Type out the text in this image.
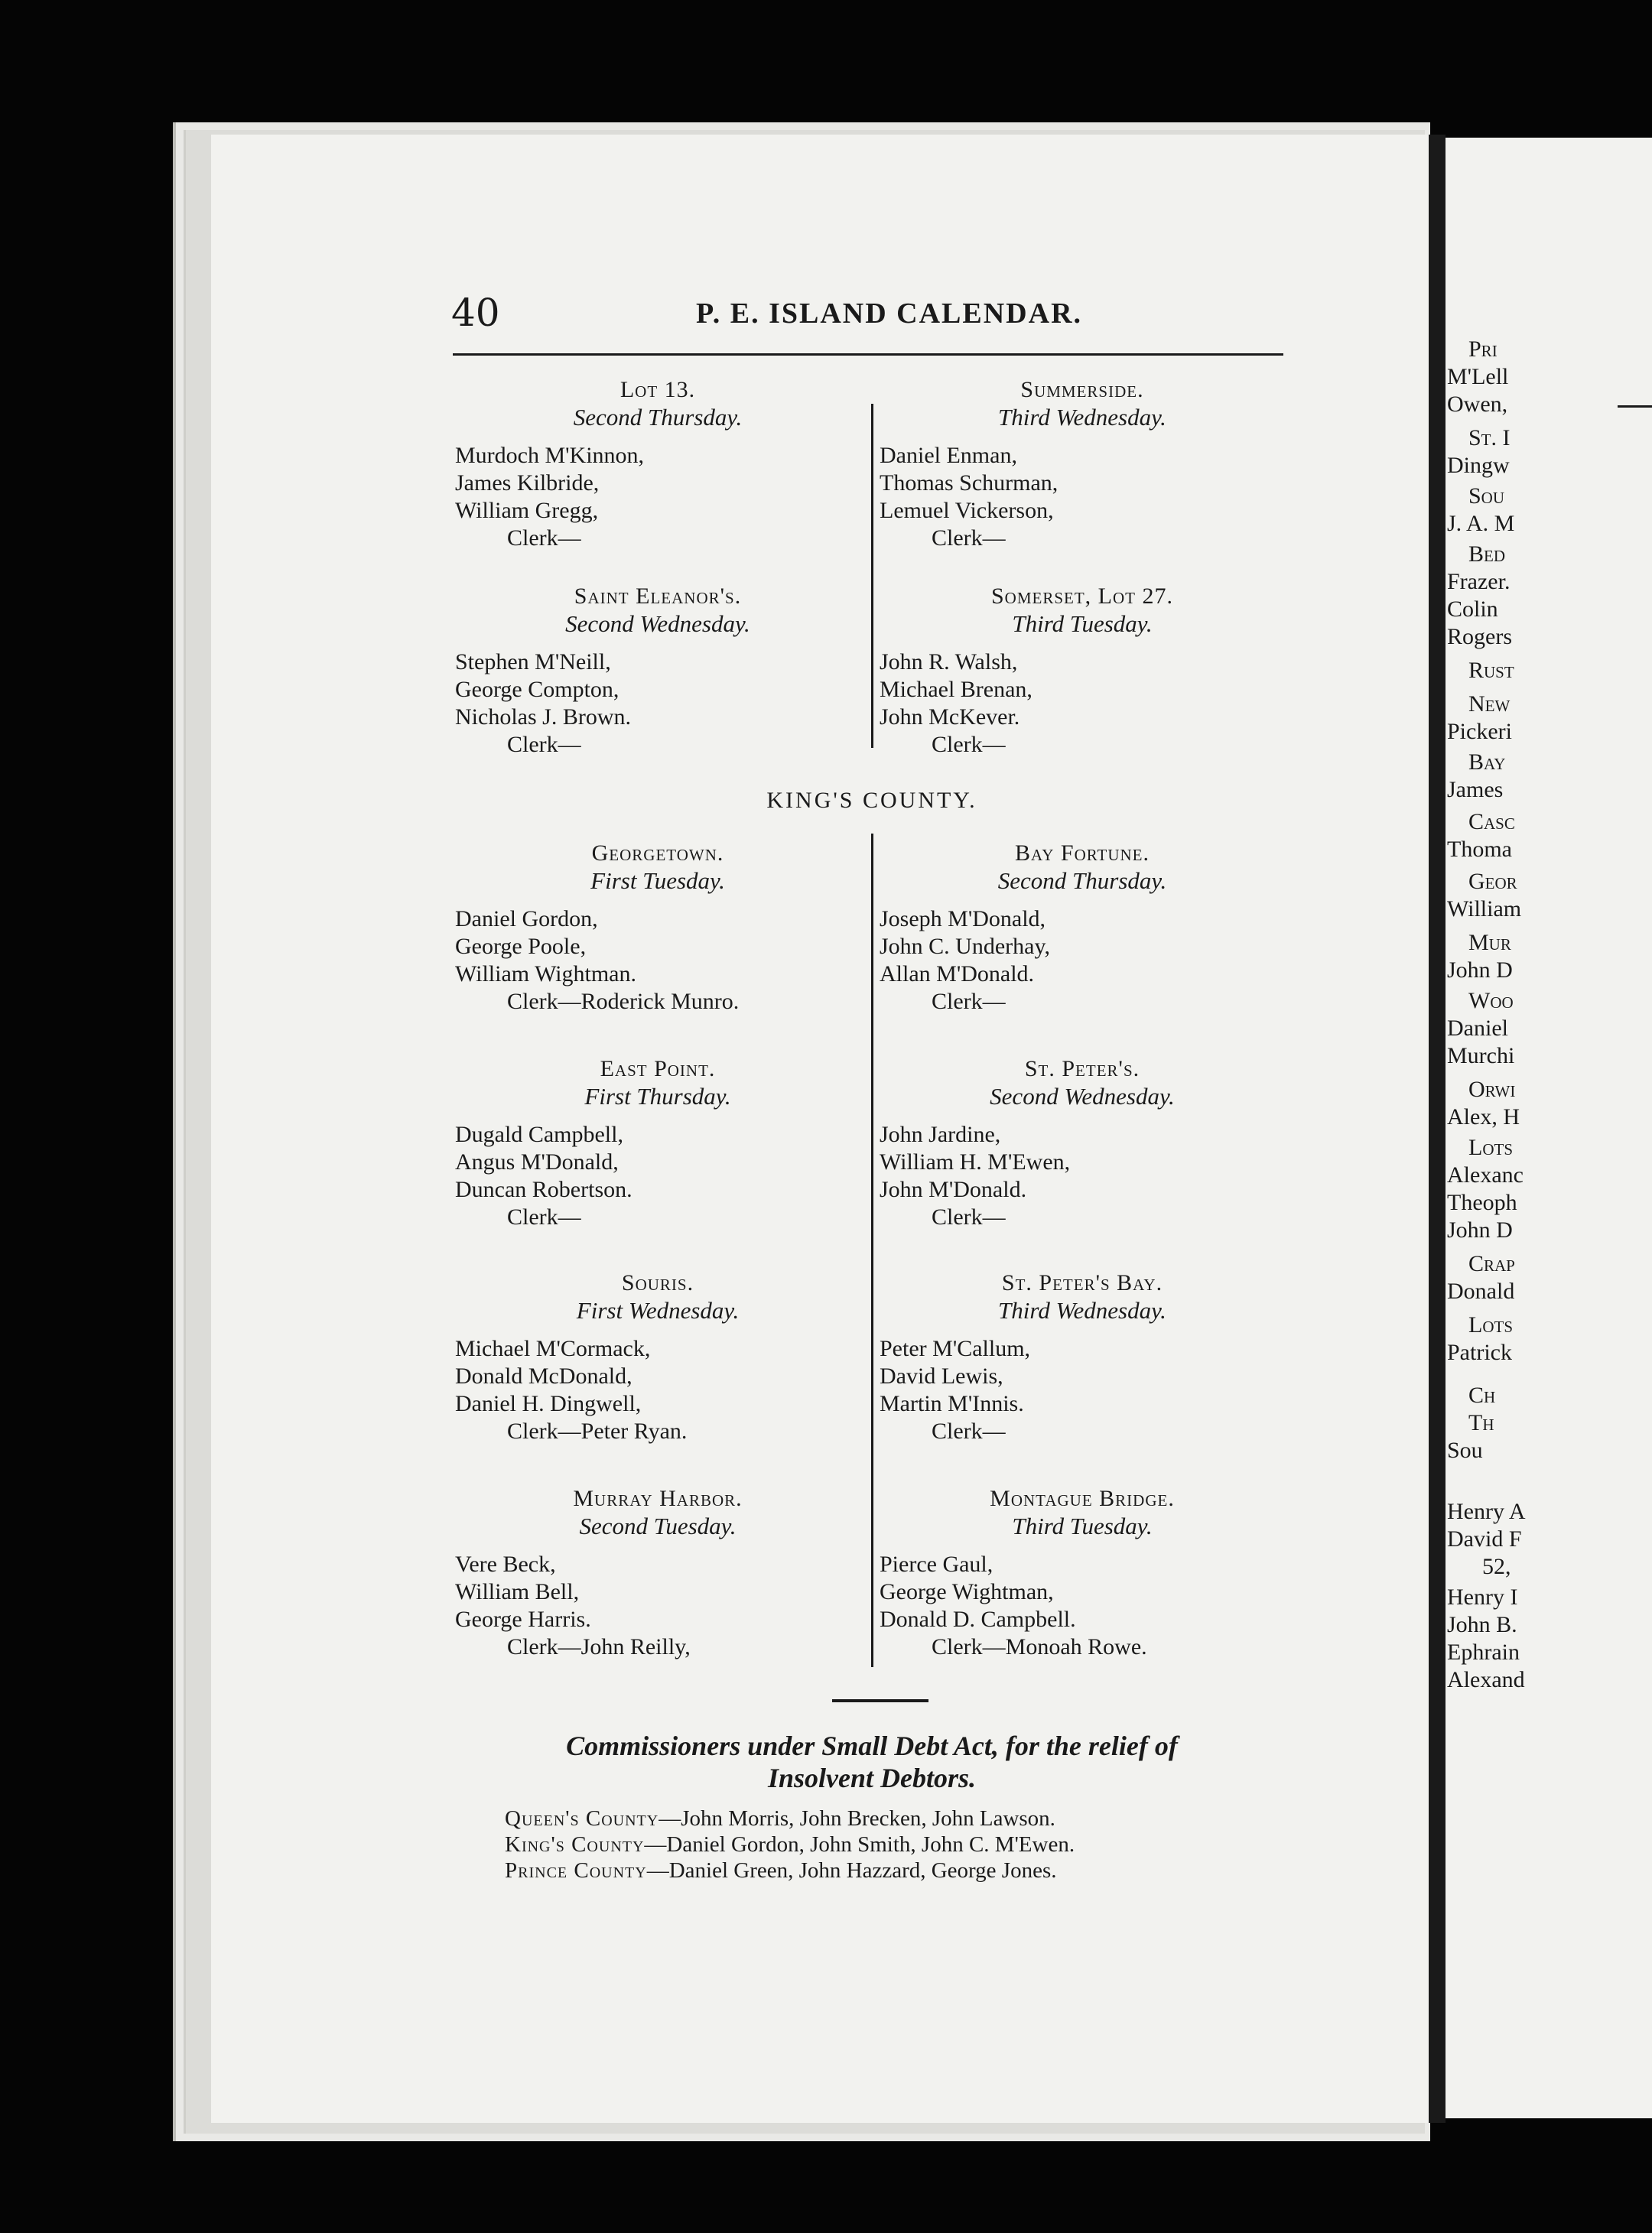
Pri
M'Lell
Owen,
St. I
Dingw
Sou
J. A. M
Bed
Frazer.
Colin
Rogers
Rust
New
Pickeri
Bay
James
Casc
Thoma
Geor
William
Mur
John D
Woo
Daniel
Murchi
Orwi
Alex, H
Lots
Alexanc
Theoph
John D
Crap
Donald
Lots
Patrick
Ch
Th
Sou
Henry A
David F
52,
Henry I
John B.
Ephrain
Alexand
40	P. E. ISLAND CALENDAR.
Lot 13.
Second Thursday.
Murdoch M'Kinnon,
James Kilbride,
William Gregg,
Clerk—
Saint Eleanor's.
Second Wednesday.
Stephen M'Neill,
George Compton,
Nicholas J. Brown.
Clerk—
Summerside.
Third Wednesday.
Daniel Enman,
Thomas Schurman,
Lemuel Vickerson,
Clerk—
Somerset, Lot 27.
Third Tuesday.
John R. Walsh,
Michael Brenan,
John McKever.
Clerk—
Georgetown.
First Tuesday.
Daniel Gordon,
George Poole,
William Wightman.
Clerk—Roderick Munro.
East Point.
First Thursday.
Dugald Campbell,
Angus M'Donald,
Duncan Robertson.
Clerk—
Souris.
First Wednesday.
Michael M'Cormack,
Donald McDonald,
Daniel H. Dingwell,
Clerk—Peter Ryan.
Murray Harbor.
Second Tuesday.
Vere Beck,
William Bell,
George Harris.
Clerk—John Reilly,
Bay Fortune.
Second Thursday.
Joseph M'Donald,
John C. Underhay,
Allan M'Donald.
Clerk—
St. Peter's.
Second Wednesday.
John Jardine,
William H. M'Ewen,
John M'Donald.
Clerk—
St. Peter's Bay.
Third Wednesday.
Peter M'Callum,
David Lewis,
Martin M'Innis.
Clerk—
Montague Bridge.
Third Tuesday.
Pierce Gaul,
George Wightman,
Donald D. Campbell.
Clerk—Monoah Rowe.
KING'S COUNTY.
Commissioners under Small Debt Act, for the relief of
Insolvent Debtors.
Queen's County—John Morris, John Brecken, John Lawson.
King's County—Daniel Gordon, John Smith, John C. M'Ewen.
Prince County—Daniel Green, John Hazzard, George Jones.
